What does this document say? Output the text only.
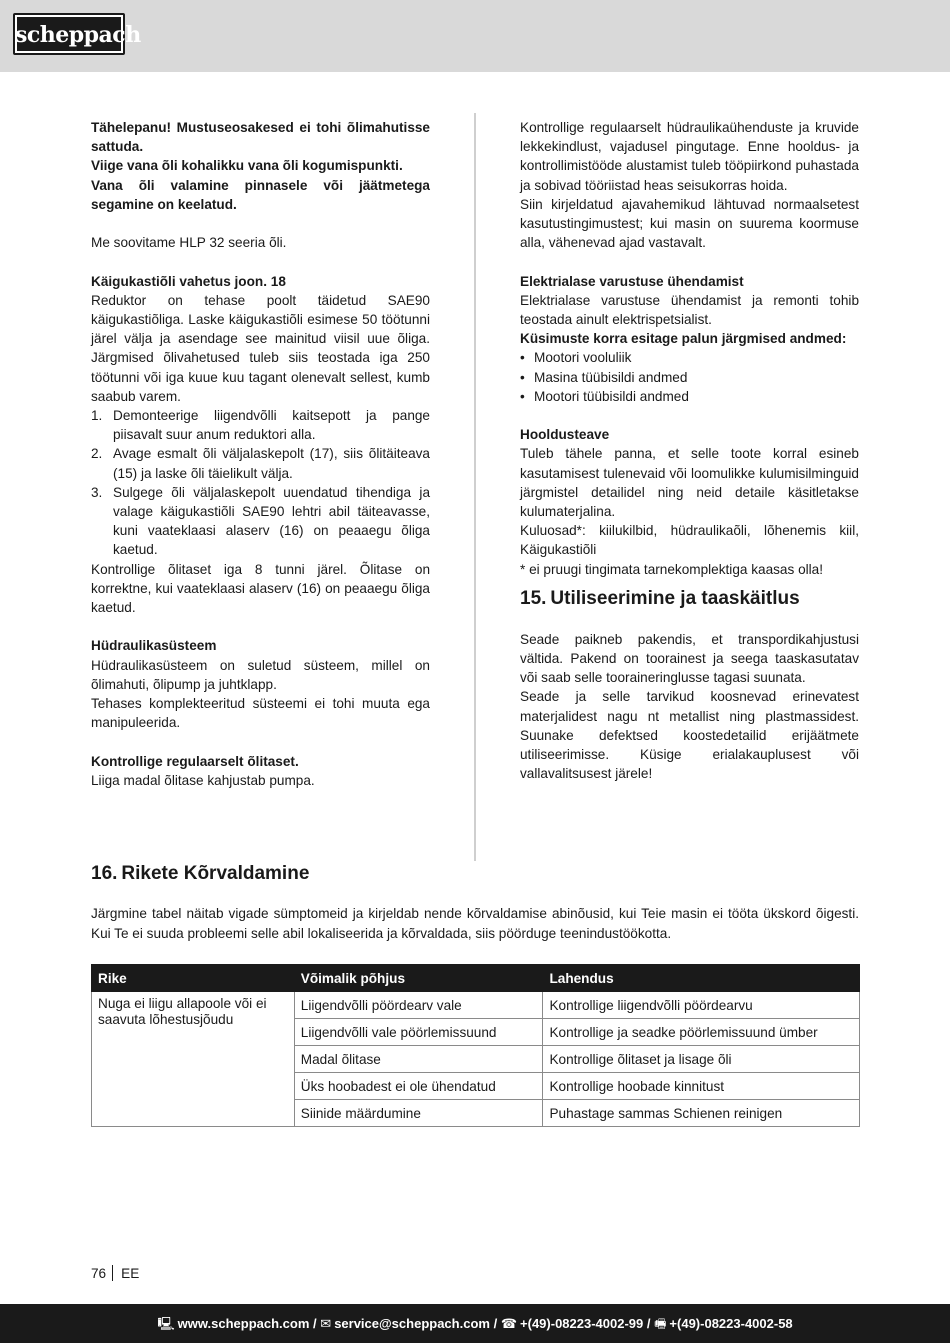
scheppach

Tähelepanu! Mustuseosakesed ei tohi õlimahutisse sattuda.

Viige vana õli kohalikku vana õli kogumispunkti.

Vana õli valamine pinnasele või jäätmetega segamine on keelatud.

Me soovitame HLP 32 seeria õli.

Käigukastiõli vahetus joon. 18

Reduktor on tehase poolt täidetud SAE90 käigukastiõliga. Laske käigukastiõli esimese 50 töötunni järel välja ja asendage see mainitud viisil uue õliga. Järgmised õlivahetused tuleb siis teostada iga 250 töötunni või iga kuue kuu tagant olenevalt sellest, kumb saabub varem.

1. Demonteerige liigendvõlli kaitsepott ja pange piisavalt suur anum reduktori alla.
2. Avage esmalt õli väljalaskepolt (17), siis õlitäiteava (15) ja laske õli täielikult välja.
3. Sulgege õli väljalaskepolt uuendatud tihendiga ja valage käigukastiõli SAE90 lehtri abil täiteavasse, kuni vaateklaasi alaserv (16) on peaaegu õliga kaetud.

Kontrollige õlitaset iga 8 tunni järel. Õlitase on korrektne, kui vaateklaasi alaserv (16) on peaaegu õliga kaetud.

Hüdraulikasüsteem

Hüdraulikasüsteem on suletud süsteem, millel on õlimahuti, õlipump ja juhtklapp.

Tehases komplekteeritud süsteemi ei tohi muuta ega manipuleerida.

Kontrollige regulaarselt õlitaset.

Liiga madal õlitase kahjustab pumpa.

Kontrollige regulaarselt hüdraulikaühenduste ja kruvide lekkekindlust, vajadusel pingutage. Enne hooldus- ja kontrollimistööde alustamist tuleb tööpiirkond puhastada ja sobivad tööriistad heas seisukorras hoida.

Siin kirjeldatud ajavahemikud lähtuvad normaalsetest kasutustingimustest; kui masin on suurema koormuse alla, vähenevad ajad vastavalt.

Elektrialase varustuse ühendamist

Elektrialase varustuse ühendamist ja remonti tohib teostada ainult elektrispetsialist.

Küsimuste korra esitage palun järgmised andmed:

• Mootori vooluliik
• Masina tüübisildi andmed
• Mootori tüübisildi andmed

Hooldusteave

Tuleb tähele panna, et selle toote korral esineb kasutamisest tulenevaid või loomulikke kulumisilminguid järgmistel detailidel ning neid detaile käsitletakse kulumaterjalina.

Kuluosad*: kiilukilbid, hüdraulikaõli, lõhenemis kiil, Käigukastiõli

* ei pruugi tingimata tarnekomplektiga kaasas olla!

15. Utiliseerimine ja taaskäitlus

Seade paikneb pakendis, et transpordikahjustusi vältida. Pakend on toorainest ja seega taaskasutatav või saab selle tooraineringlusse tagasi suunata.

Seade ja selle tarvikud koosnevad erinevatest materjalidest nagu nt metallist ning plastmassidest. Suunake defektsed koostedetailid erijäätmete utiliseerimisse. Küsige erialakauplusest või vallavalitsusest järele!

16. Rikete Kõrvaldamine

Järgmine tabel näitab vigade sümptomeid ja kirjeldab nende kõrvaldamise abinõusid, kui Teie masin ei tööta ükskord õigesti. Kui Te ei suuda probleemi selle abil lokaliseerida ja kõrvaldada, siis pöörduge teenindustöökotta.

Rike	Võimalik põhjus	Lahendus
Nuga ei liigu allapoole või ei saavuta lõhestusjõudu	Liigendvõlli pöördearv vale	Kontrollige liigendvõlli pöördearvu
	Liigendvõlli vale pöörlemissuund	Kontrollige ja seadke pöörlemissuund ümber
	Madal õlitase	Kontrollige õlitaset ja lisage õli
	Üks hoobadest ei ole ühendatud	Kontrollige hoobade kinnitust
	Siinide määrdumine	Puhastage sammas Schienen reinigen
76 EE
🖳︎ www.scheppach.com / ✉︎ service@scheppach.com / ☎︎ +(49)-08223-4002-99 / 🖷︎ +(49)-08223-4002-58
